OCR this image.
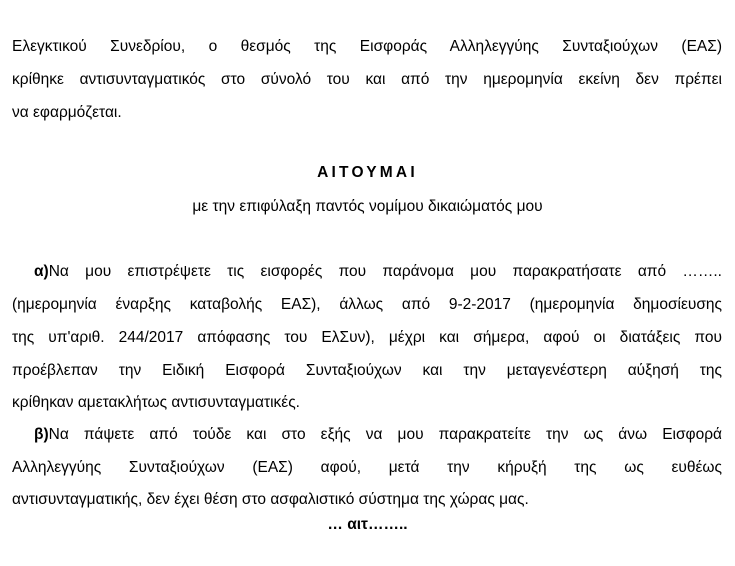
Ελεγκτικού Συνεδρίου, ο θεσμός της Εισφοράς Αλληλεγγύης Συνταξιούχων (ΕΑΣ)
κρίθηκε αντισυνταγματικός στο σύνολό του και από την ημερομηνία εκείνη δεν πρέπει
να εφαρμόζεται.
ΑΙΤΟΥΜΑΙ
με την επιφύλαξη παντός νομίμου δικαιώματός μου
α)Να μου επιστρέψετε τις εισφορές που παράνομα μου παρακρατήσατε από ……..
(ημερομηνία έναρξης καταβολής ΕΑΣ), άλλως από 9-2-2017 (ημερομηνία δημοσίευσης
της υπ'αριθ. 244/2017 απόφασης του ΕλΣυν), μέχρι και σήμερα, αφού οι διατάξεις που
προέβλεπαν την Ειδική Εισφορά Συνταξιούχων και την μεταγενέστερη αύξησή της
κρίθηκαν αμετακλήτως αντισυνταγματικές.
β)Να πάψετε από τούδε και στο εξής να μου παρακρατείτε την ως άνω Εισφορά
Αλληλεγγύης Συνταξιούχων (ΕΑΣ) αφού, μετά την κήρυξή της ως ευθέως
αντισυνταγματικής, δεν έχει θέση στο ασφαλιστικό σύστημα της χώρας μας.
… αιτ……..
